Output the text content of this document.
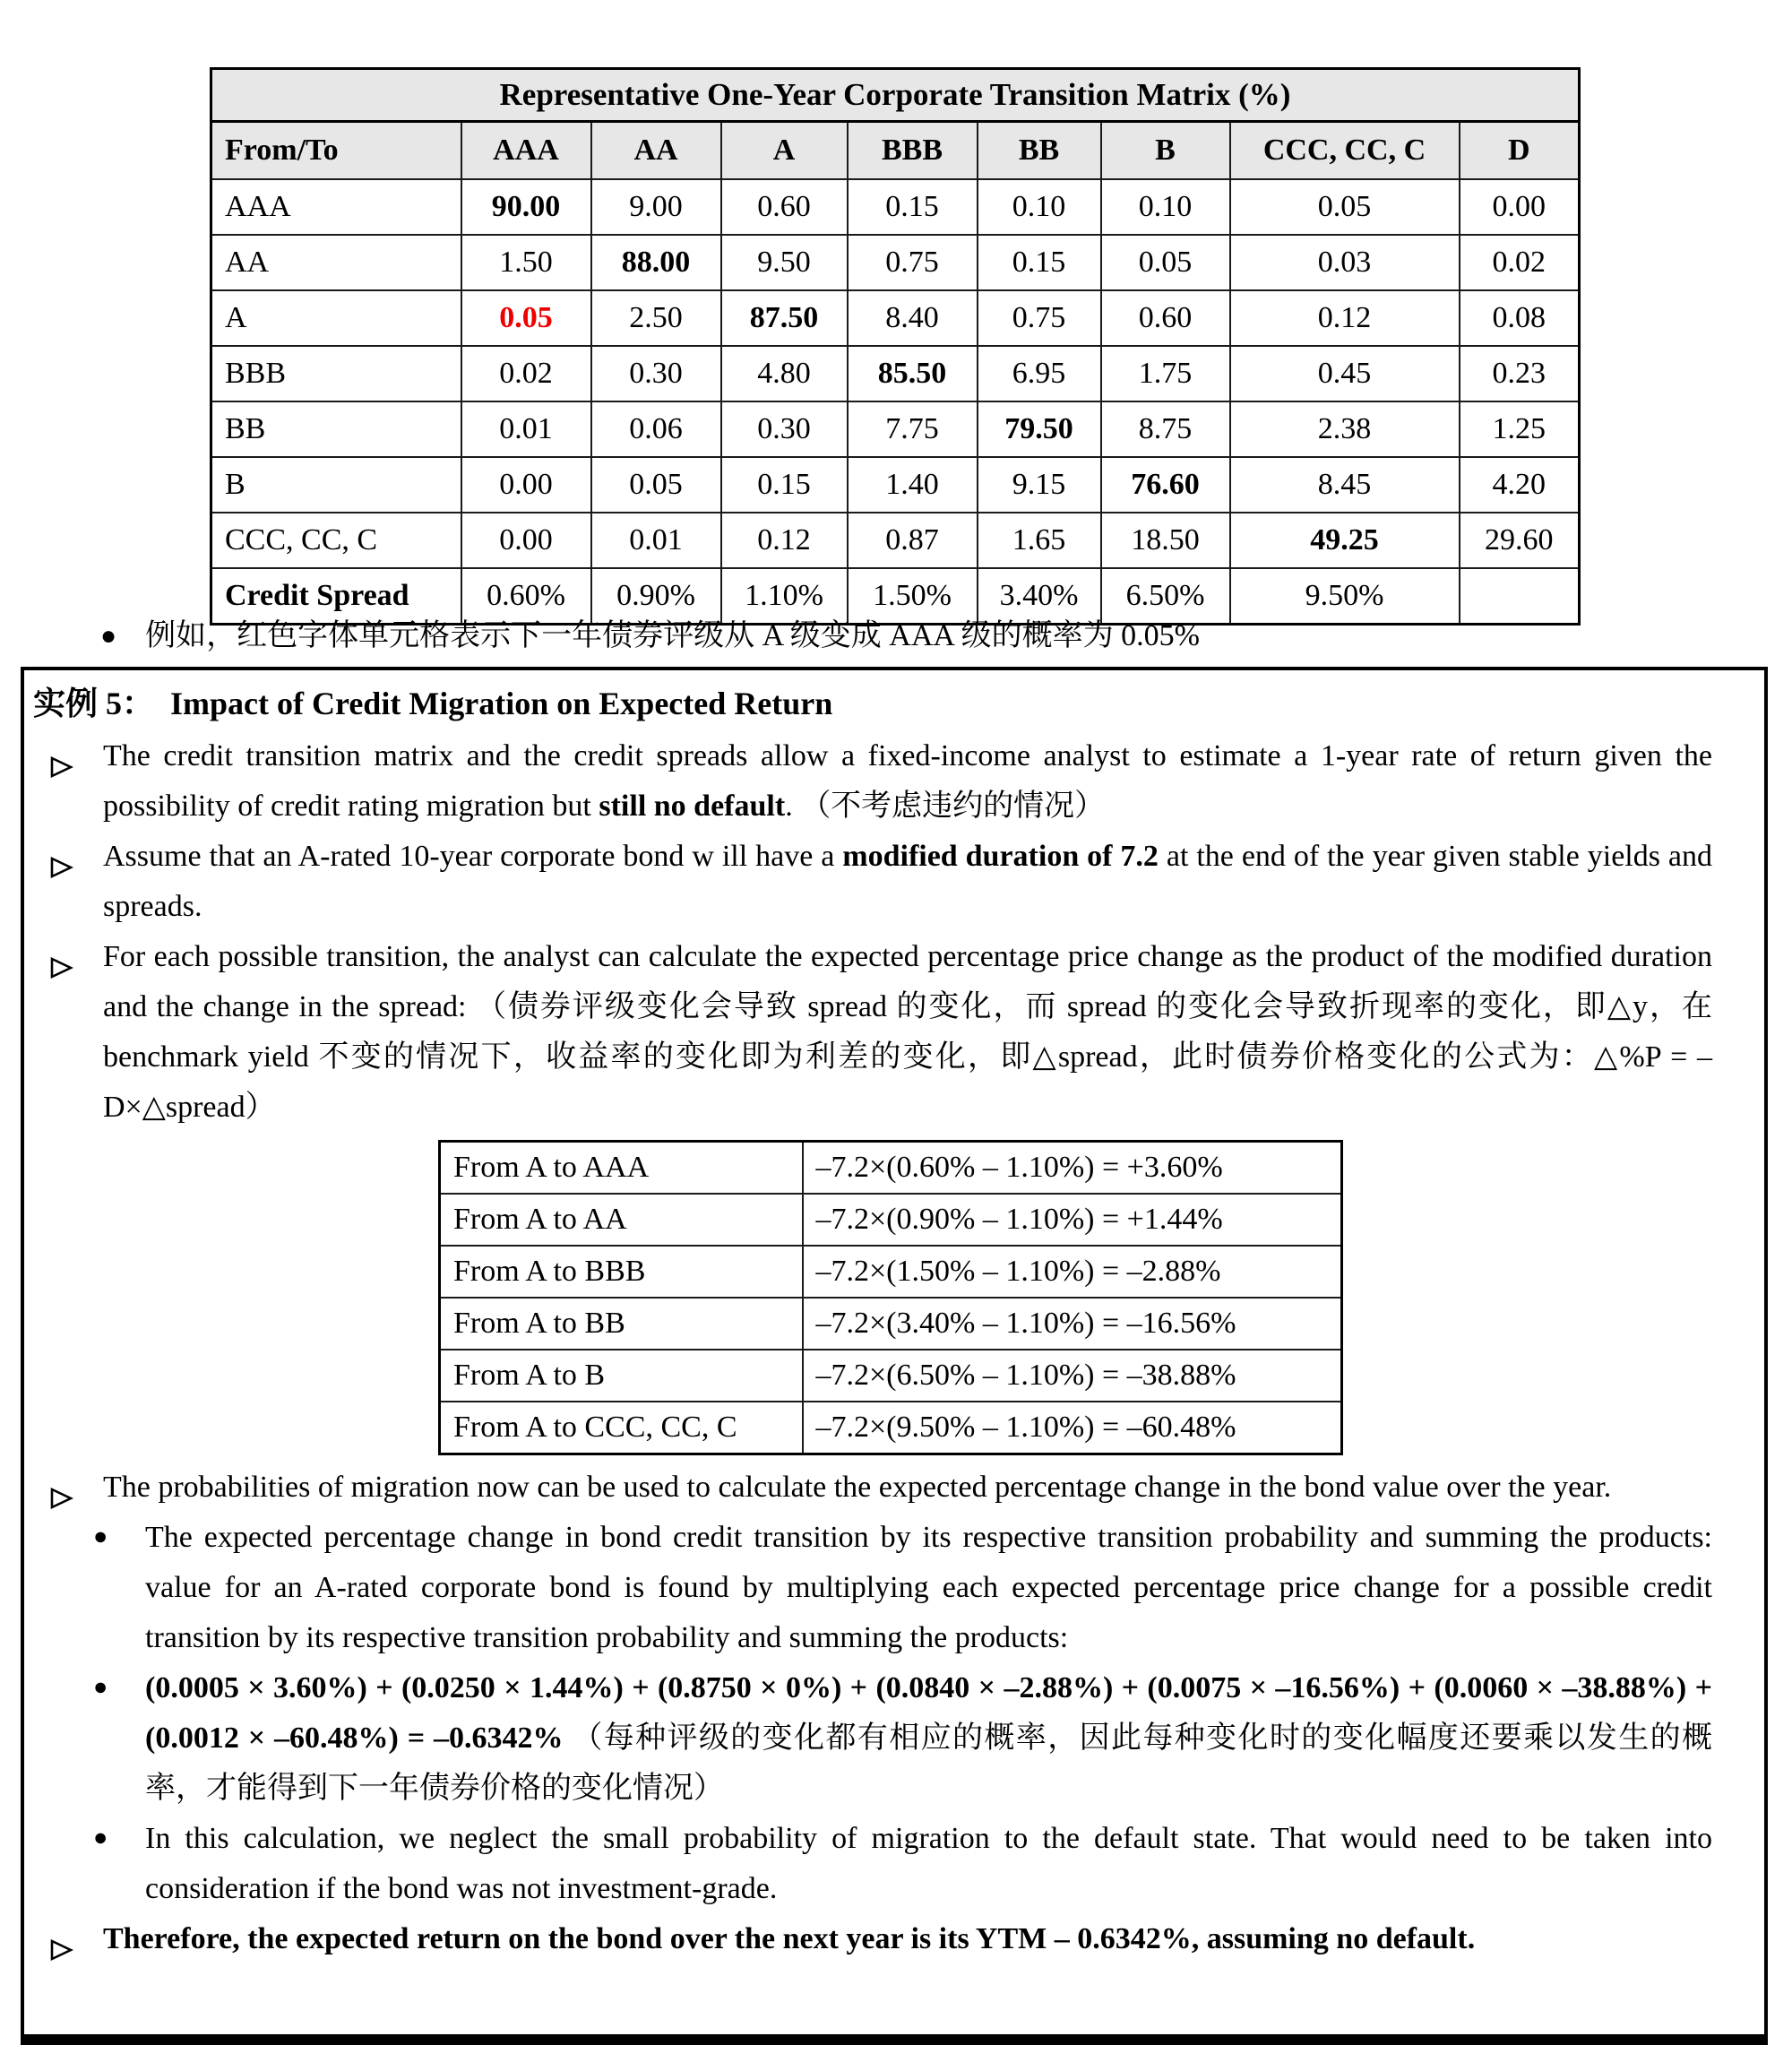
Representative One-Year Corporate Transition Matrix (%)								
From/To	AAA	AA	A	BBB	BB	B	CCC, CC, C	D
AAA	90.00	9.00	0.60	0.15	0.10	0.10	0.05	0.00
AA	1.50	88.00	9.50	0.75	0.15	0.05	0.03	0.02
A	0.05	2.50	87.50	8.40	0.75	0.60	0.12	0.08
BBB	0.02	0.30	4.80	85.50	6.95	1.75	0.45	0.23
BB	0.01	0.06	0.30	7.75	79.50	8.75	2.38	1.25
B	0.00	0.05	0.15	1.40	9.15	76.60	8.45	4.20
CCC, CC, C	0.00	0.01	0.12	0.87	1.65	18.50	49.25	29.60
Credit Spread	0.60%	0.90%	1.10%	1.50%	3.40%	6.50%	9.50%	
● 例如，红色字体单元格表示下一年债券评级从 A 级变成 AAA 级的概率为 0.05%
实例 5： Impact of Credit Migration on Expected Return
The credit transition matrix and the credit spreads allow a fixed-income analyst to estimate a 1-year rate of return given the possibility of credit rating migration but still no default. （不考虑违约的情况）
Assume that an A-rated 10-year corporate bond w ill have a modified duration of 7.2 at the end of the year given stable yields and spreads.
For each possible transition, the analyst can calculate the expected percentage price change as the product of the modified duration and the change in the spread: （债券评级变化会导致 spread 的变化，而 spread 的变化会导致折现率的变化，即△y，在 benchmark yield 不变的情况下，收益率的变化即为利差的变化，即△spread，此时债券价格变化的公式为：△%P = – D×△spread）
From A to AAA	–7.2×(0.60% – 1.10%) = +3.60%
From A to AA	–7.2×(0.90% – 1.10%) = +1.44%
From A to BBB	–7.2×(1.50% – 1.10%) = –2.88%
From A to BB	–7.2×(3.40% – 1.10%) = –16.56%
From A to B	–7.2×(6.50% – 1.10%) = –38.88%
From A to CCC, CC, C	–7.2×(9.50% – 1.10%) = –60.48%
The probabilities of migration now can be used to calculate the expected percentage change in the bond value over the year.
● The expected percentage change in bond credit transition by its respective transition probability and summing the products: value for an A-rated corporate bond is found by multiplying each expected percentage price change for a possible credit transition by its respective transition probability and summing the products:
● (0.0005 × 3.60%) + (0.0250 × 1.44%) + (0.8750 × 0%) + (0.0840 × –2.88%) + (0.0075 × –16.56%) + (0.0060 × –38.88%) + (0.0012 × –60.48%) = –0.6342% （每种评级的变化都有相应的概率，因此每种变化时的变化幅度还要乘以发生的概率，才能得到下一年债券价格的变化情况）
● In this calculation, we neglect the small probability of migration to the default state. That would need to be taken into consideration if the bond was not investment-grade.
Therefore, the expected return on the bond over the next year is its YTM – 0.6342%, assuming no default.
